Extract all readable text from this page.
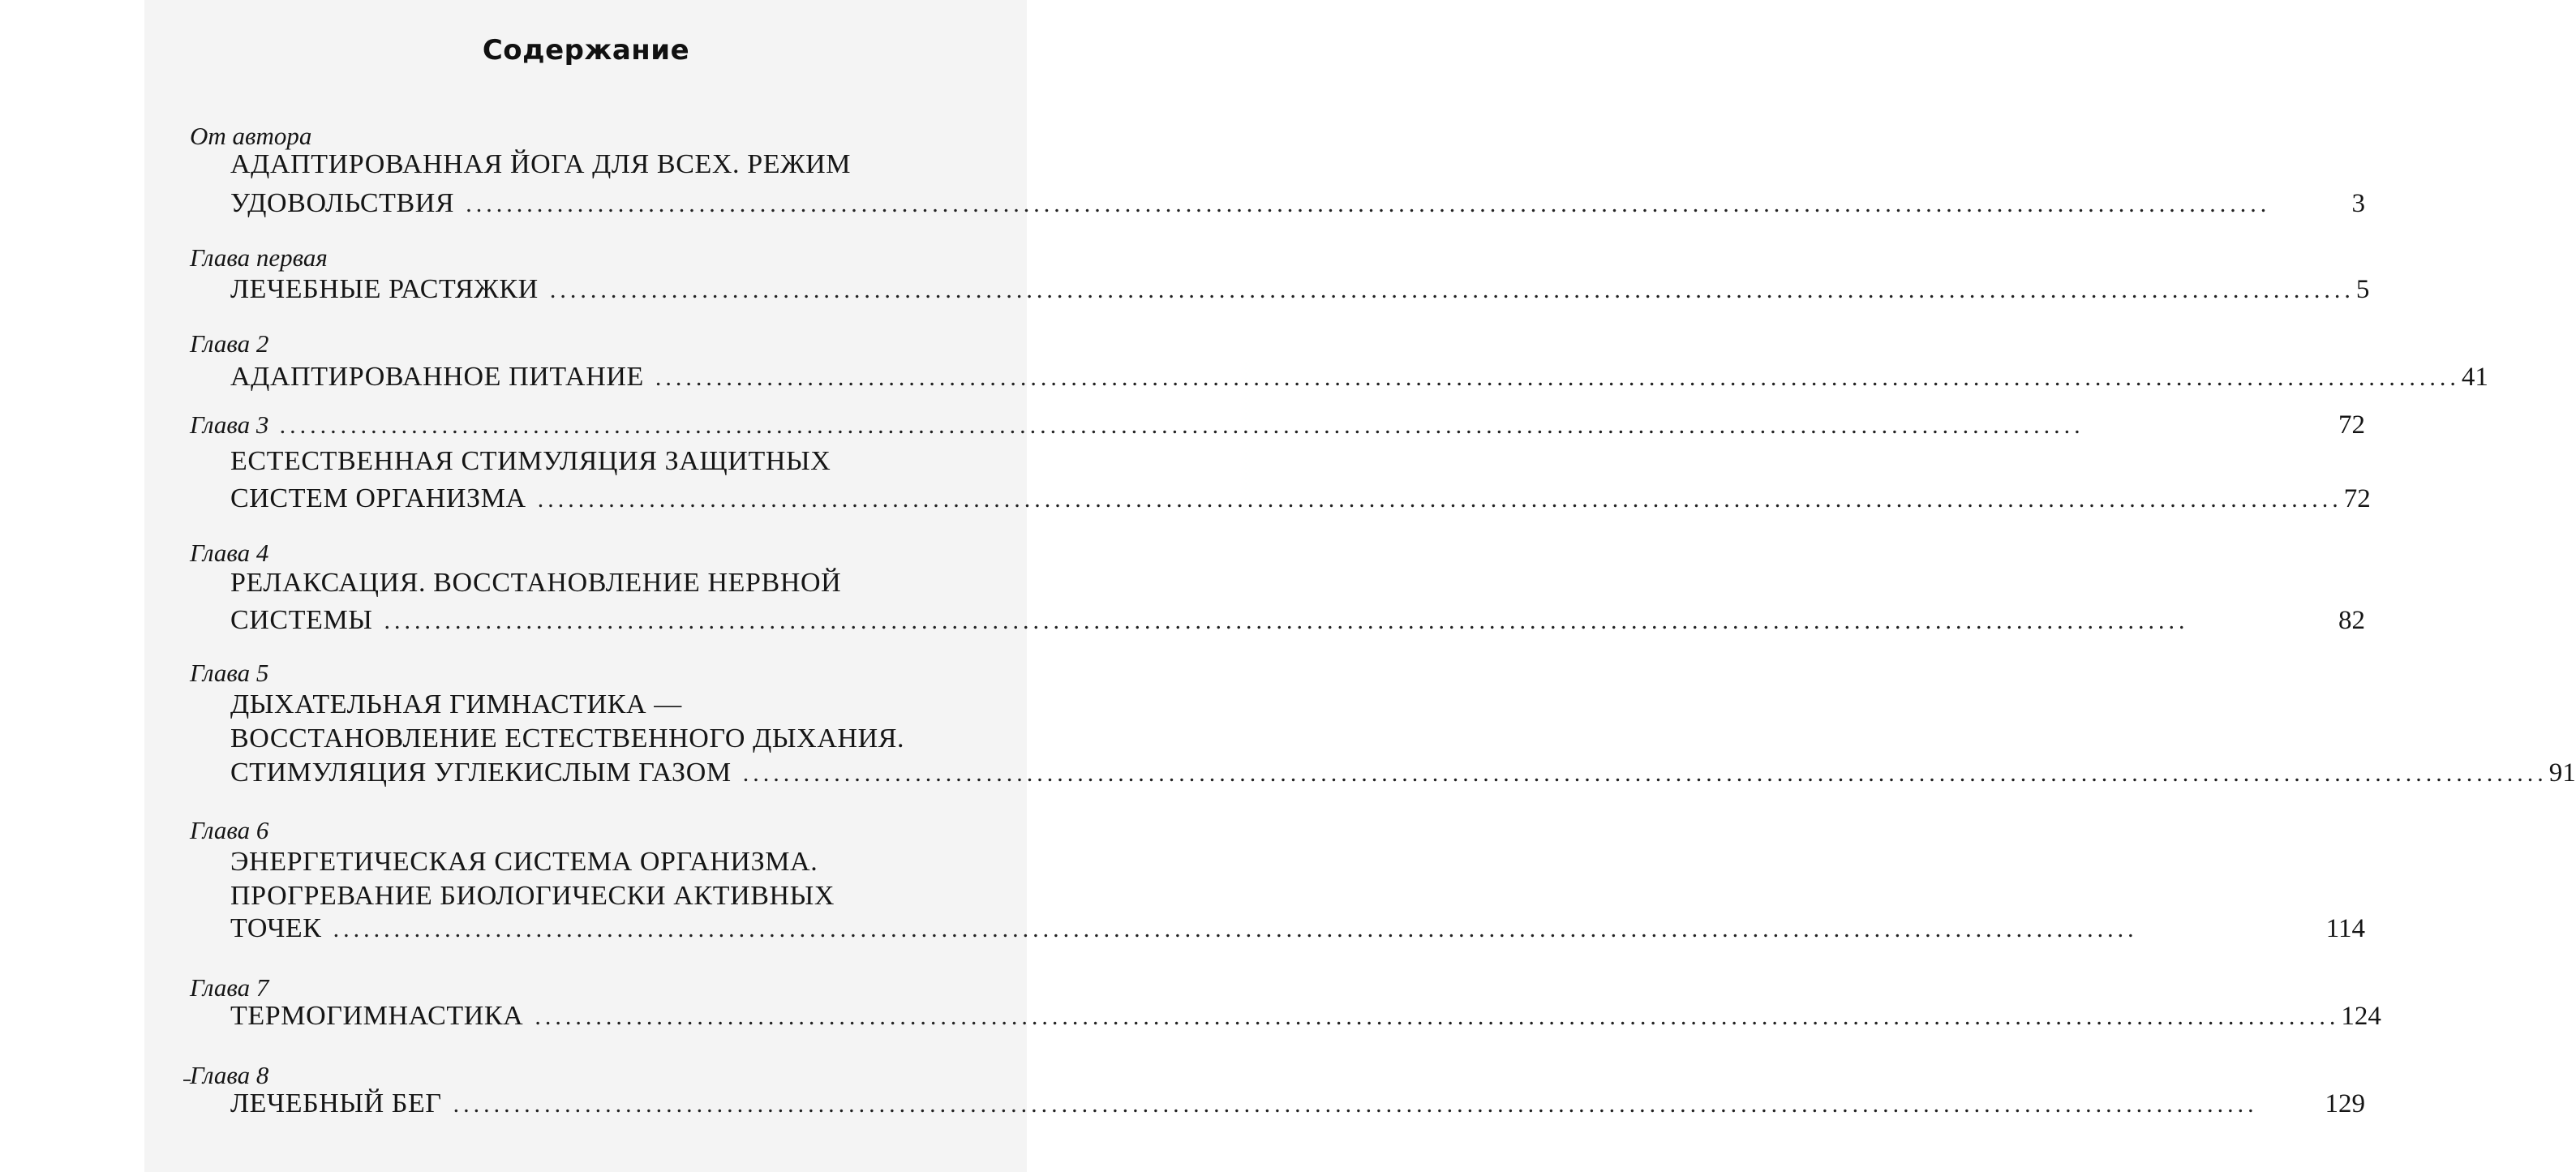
Содержание
От автора
АДАПТИРОВАННАЯ ЙОГА ДЛЯ ВСЕХ. РЕЖИМ
УДОВОЛЬСТВИЯ ..................................................................................................................................................................................	3
Глава первая
ЛЕЧЕБНЫЕ РАСТЯЖКИ .................................................................................................................................................................................. 5
Глава 2
АДАПТИРОВАННОЕ ПИТАНИЕ .................................................................................................................................................................................. 41
Глава 3 ..................................................................................................................................................................................	72
ЕСТЕСТВЕННАЯ СТИМУЛЯЦИЯ ЗАЩИТНЫХ
СИСТЕМ ОРГАНИЗМА .................................................................................................................................................................................. 72
Глава 4
РЕЛАКСАЦИЯ. ВОССТАНОВЛЕНИЕ НЕРВНОЙ
СИСТЕМЫ ..................................................................................................................................................................................	82
Глава 5
ДЫХАТЕЛЬНАЯ ГИМНАСТИКА —
ВОССТАНОВЛЕНИЕ ЕСТЕСТВЕННОГО ДЫХАНИЯ.
СТИМУЛЯЦИЯ УГЛЕКИСЛЫМ ГАЗОМ .................................................................................................................................................................................. 91
Глава 6
ЭНЕРГЕТИЧЕСКАЯ СИСТЕМА ОРГАНИЗМА.
ПРОГРЕВАНИЕ БИОЛОГИЧЕСКИ АКТИВНЫХ
ТОЧЕК ..................................................................................................................................................................................	114
Глава 7
ТЕРМОГИМНАСТИКА .................................................................................................................................................................................. 124
Глава 8
ЛЕЧЕБНЫЙ БЕГ ..................................................................................................................................................................................	129
